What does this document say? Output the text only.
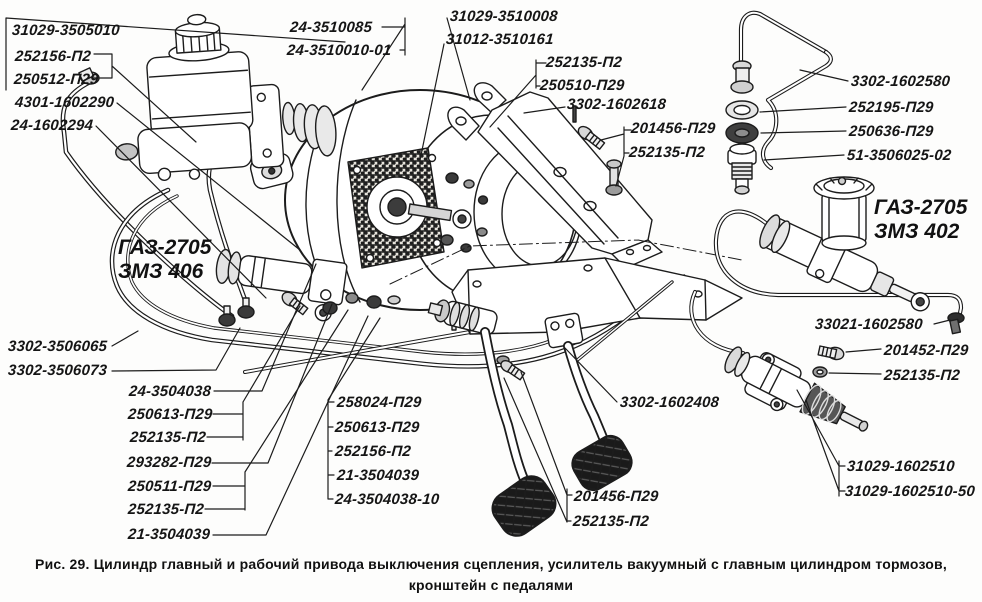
31029-3505010
252156-П2
250512-П29
4301-1602290
24-1602294
24-3510085
24-3510010-01
31029-3510008
31012-3510161
252135-П2
250510-П29
3302-1602618
201456-П29
252135-П2
3302-1602580
252195-П29
250636-П29
51-3506025-02
33021-1602580
201452-П29
252135-П2
31029-1602510
31029-1602510-50
3302-3506065
3302-3506073
24-3504038
250613-П29
252135-П2
293282-П29
250511-П29
252135-П2
21-3504039
258024-П29
250613-П29
252156-П2
21-3504039
24-3504038-10
3302-1602408
201456-П29
252135-П2
ГАЗ-2705
ЗМЗ 406
ГАЗ-2705
ЗМЗ 402
Рис. 29. Цилиндр главный и рабочий привода выключения сцепления, усилитель вакуумный с главным цилиндром тормозов,
кронштейн с педалями
